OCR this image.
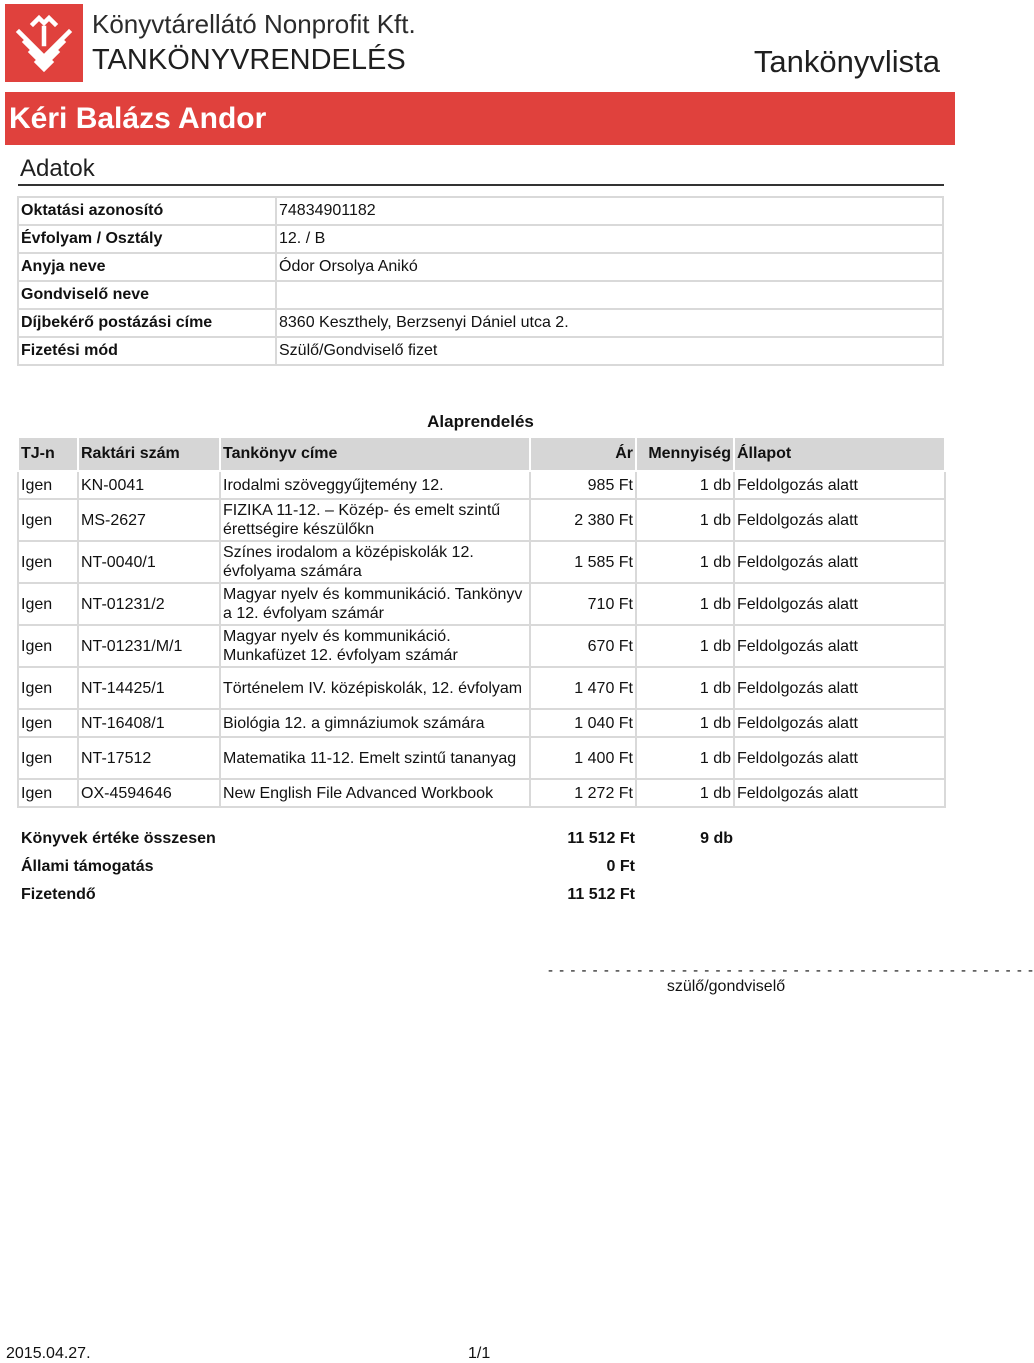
Könyvtárellátó Nonprofit Kft.
TANKÖNYVRENDELÉS	Tankönyvlista
Kéri Balázs Andor
Adatok
Oktatási azonosító	74834901182
Évfolyam / Osztály	12. / B
Anyja neve	Ódor Orsolya Anikó
Gondviselő neve	
Díjbekérő postázási címe	8360 Keszthely, Berzsenyi Dániel utca 2.
Fizetési mód	Szülő/Gondviselő fizet
Alaprendelés
TJ-n	Raktári szám	Tankönyv címe	Ár	Mennyiség	Állapot
Igen	KN-0041	Irodalmi szöveggyűjtemény 12.	985 Ft	1 db	Feldolgozás alatt
Igen	MS-2627	FIZIKA 11-12. – Közép- és emelt szintű érettségire készülőkn	2 380 Ft	1 db	Feldolgozás alatt
Igen	NT-0040/1	Színes irodalom a középiskolák 12. évfolyama számára	1 585 Ft	1 db	Feldolgozás alatt
Igen	NT-01231/2	Magyar nyelv és kommunikáció. Tankönyv a 12. évfolyam számár	710 Ft	1 db	Feldolgozás alatt
Igen	NT-01231/M/1	Magyar nyelv és kommunikáció. Munkafüzet 12. évfolyam számár	670 Ft	1 db	Feldolgozás alatt
Igen	NT-14425/1	Történelem IV. középiskolák, 12. évfolyam	1 470 Ft	1 db	Feldolgozás alatt
Igen	NT-16408/1	Biológia 12. a gimnáziumok számára	1 040 Ft	1 db	Feldolgozás alatt
Igen	NT-17512	Matematika 11-12. Emelt szintű tananyag	1 400 Ft	1 db	Feldolgozás alatt
Igen	OX-4594646	New English File Advanced Workbook	1 272 Ft	1 db	Feldolgozás alatt
Könyvek értéke összesen	11 512 Ft	9 db	
Állami támogatás	0 Ft		
Fizetendő	11 512 Ft		
- - - - - - - - - - - - - - - - - - - - - - - - - - - - - - - - - - - - - - - - - - - -
szülő/gondviselő
2015.04.27.	1/1
